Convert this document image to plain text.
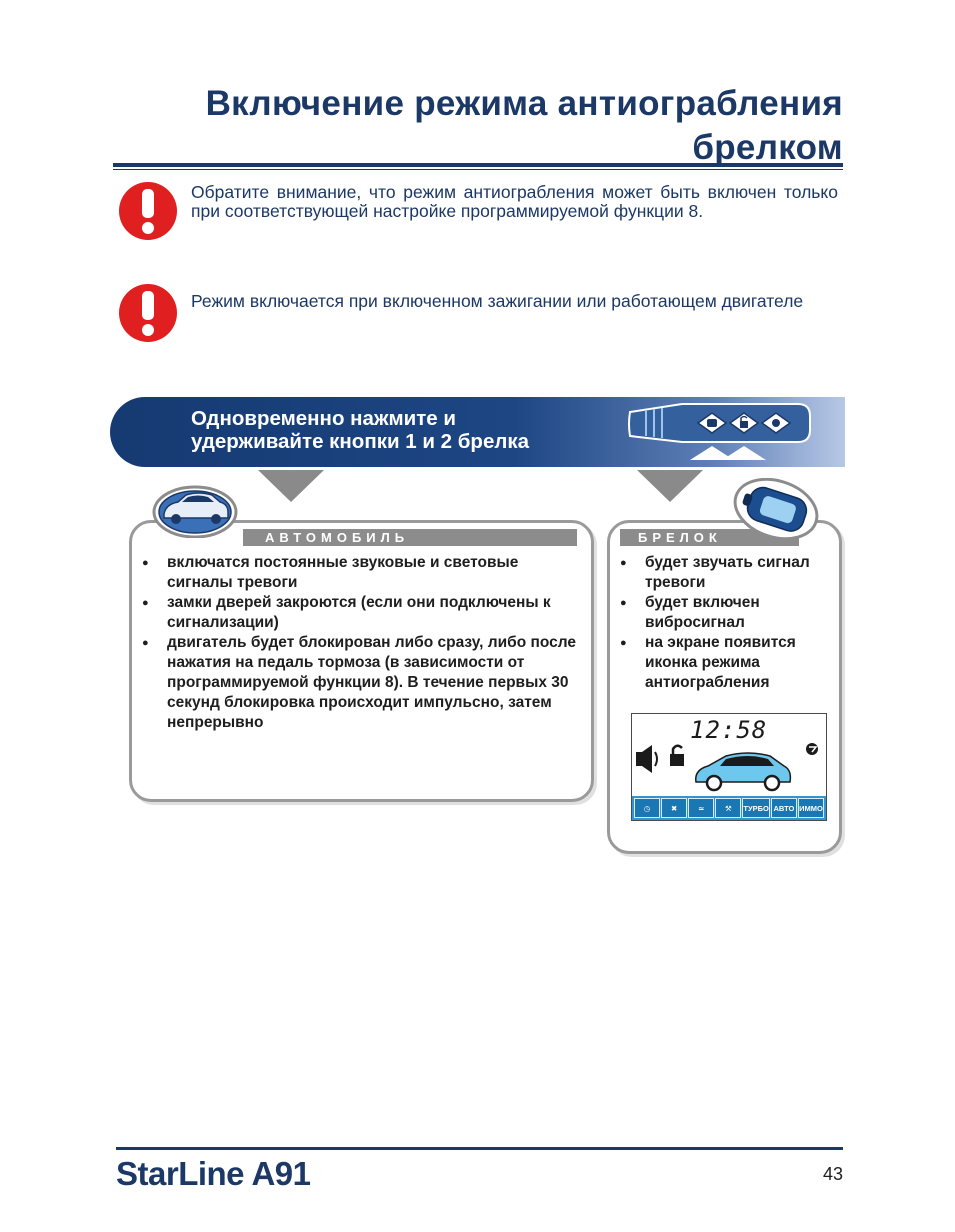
Включение режима антиограбления
брелком
Обратите внимание, что режим антиограбления может быть включен только при соответствующей настройке программируемой функции 8.
Режим включается при включенном зажигании или работающем двигателе
Одновременно нажмите и
удерживайте кнопки 1 и 2 брелка
АВТОМОБИЛЬ
● включатся постоянные звуковые и световые сигналы тревоги
● замки дверей закроются (если они подключены к сигнализации)
● двигатель будет блокирован либо сразу, либо после нажатия на педаль тормоза (в зависимости от программируемой функции 8). В течение первых 30 секунд блокировка происходит импульсно, затем непрерывно
БРЕЛОК
● будет звучать сигнал тревоги
● будет включен вибросигнал
● на экране появится иконка режима антиограбления
12:58
◷	✖	≃	⚒	ТУРБО АВТО ИММО
StarLine A91	43
